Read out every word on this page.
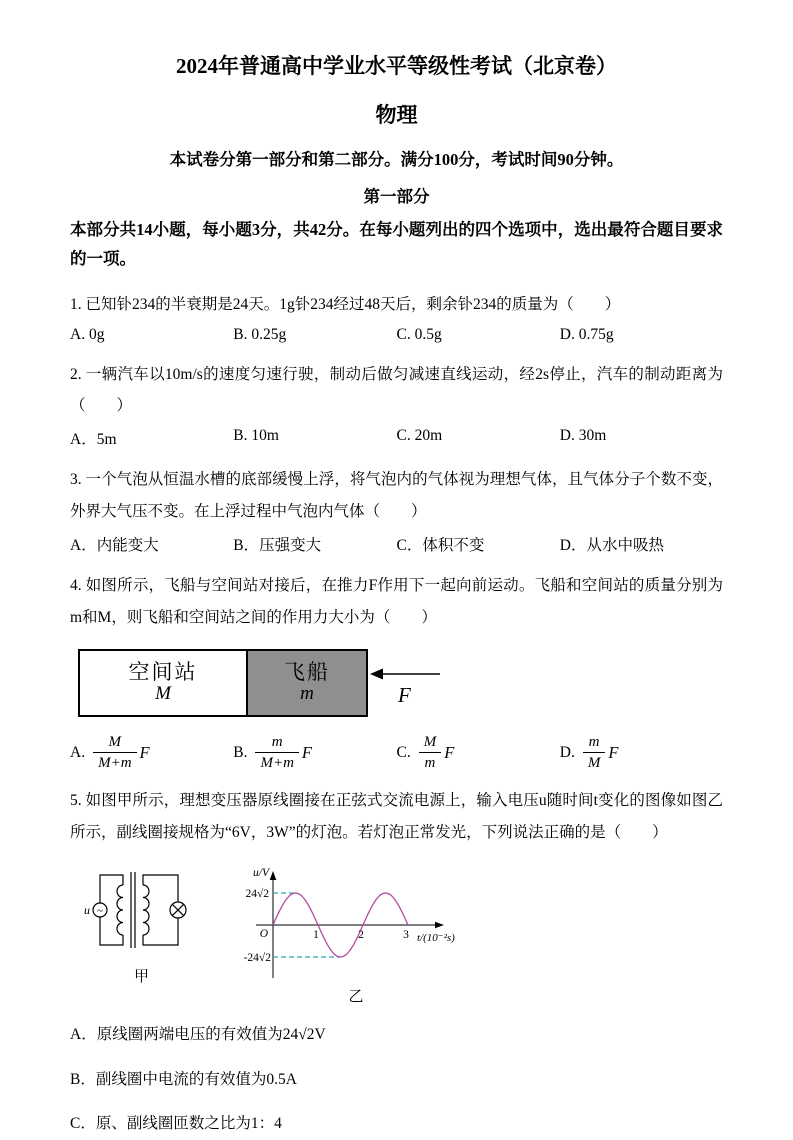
2024年普通高中学业水平等级性考试（北京卷）
物理
本试卷分第一部分和第二部分。满分100分，考试时间90分钟。
第一部分
本部分共14小题，每小题3分，共42分。在每小题列出的四个选项中，选出最符合题目要求的一项。

1. 已知钋234的半衰期是24天。1g钋234经过48天后，剩余钋234的质量为（　　）

A. 0g	B. 0.25g	C. 0.5g	D. 0.75g

2. 一辆汽车以10m/s的速度匀速行驶，制动后做匀减速直线运动，经2s停止，汽车的制动距离为（　　）

A．5m	B. 10m	C. 20m	D. 30m

3. 一个气泡从恒温水槽的底部缓慢上浮，将气泡内的气体视为理想气体，且气体分子个数不变，外界大气压不变。在上浮过程中气泡内气体（　　）

A．内能变大	B．压强变大	C．体积不变	D．从水中吸热

4. 如图所示，飞船与空间站对接后，在推力F作用下一起向前运动。飞船和空间站的质量分别为m和M，则飞船和空间站之间的作用力大小为（　　）

空间站
M
飞船
m	F
A. $\frac{M}{M+m}$ F	B. $\frac{m}{M+m}$ F	C. $\frac{M}{m}$ F	D. $\frac{m}{M}$ F

5. 如图甲所示，理想变压器原线圈接在正弦式交流电源上，输入电压u随时间t变化的图像如图乙所示，副线圈接规格为“6V，3W”的灯泡。若灯泡正常发光，下列说法正确的是（　　）

u ~
甲
u/V
24√2
-24√2
O	1	2	3 t/(10⁻²s)
乙

A．原线圈两端电压的有效值为24√2V

B．副线圈中电流的有效值为0.5A

C．原、副线圈匝数之比为1：4
